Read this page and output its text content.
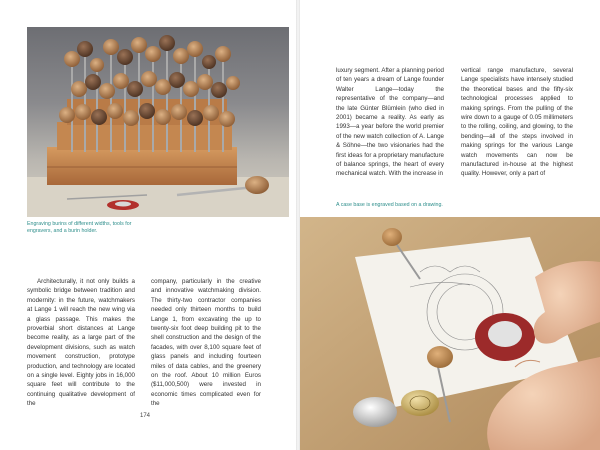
Engraving burins of different widths, tools for engravers, and a burin holder.

Architecturally, it not only builds a symbolic bridge between tradition and modernity: in the future, watchmakers at Lange 1 will reach the new wing via a glass passage. This makes the proverbial short distances at Lange become reality, as a large part of the development divisions, such as watch movement construction, prototype production, and technology are located on a single level. Eighty jobs in 16,000 square feet will contribute to the continuing qualitative development of the

company, particularly in the creative and innovative watchmaking division. The thirty-two contractor companies needed only thirteen months to build Lange 1, from excavating the up to twenty-six foot deep building pit to the shell construction and the design of the facades, with over 8,100 square feet of glass panels and including fourteen miles of data cables, and the greenery on the roof. About 10 million Euros ($11,000,500) were invested in economic times complicated even for the

174

luxury segment. After a planning period of ten years a dream of Lange founder Walter Lange—today the representative of the company—and the late Günter Blümlein (who died in 2001) became a reality. As early as 1993—a year before the world premier of the new watch collection of A. Lange & Söhne—the two visionaries had the first ideas for a proprietary manufacture of balance springs, the heart of every mechanical watch. With the increase in

vertical range manufacture, several Lange specialists have intensely studied the theoretical bases and the fifty-six technological processes applied to making springs. From the pulling of the wire down to a gauge of 0.05 millimeters to the rolling, coiling, and glowing, to the bending—all of the steps involved in making springs for the various Lange watch movements can now be manufactured in-house at the highest quality. However, only a part of

A case base is engraved based on a drawing.
